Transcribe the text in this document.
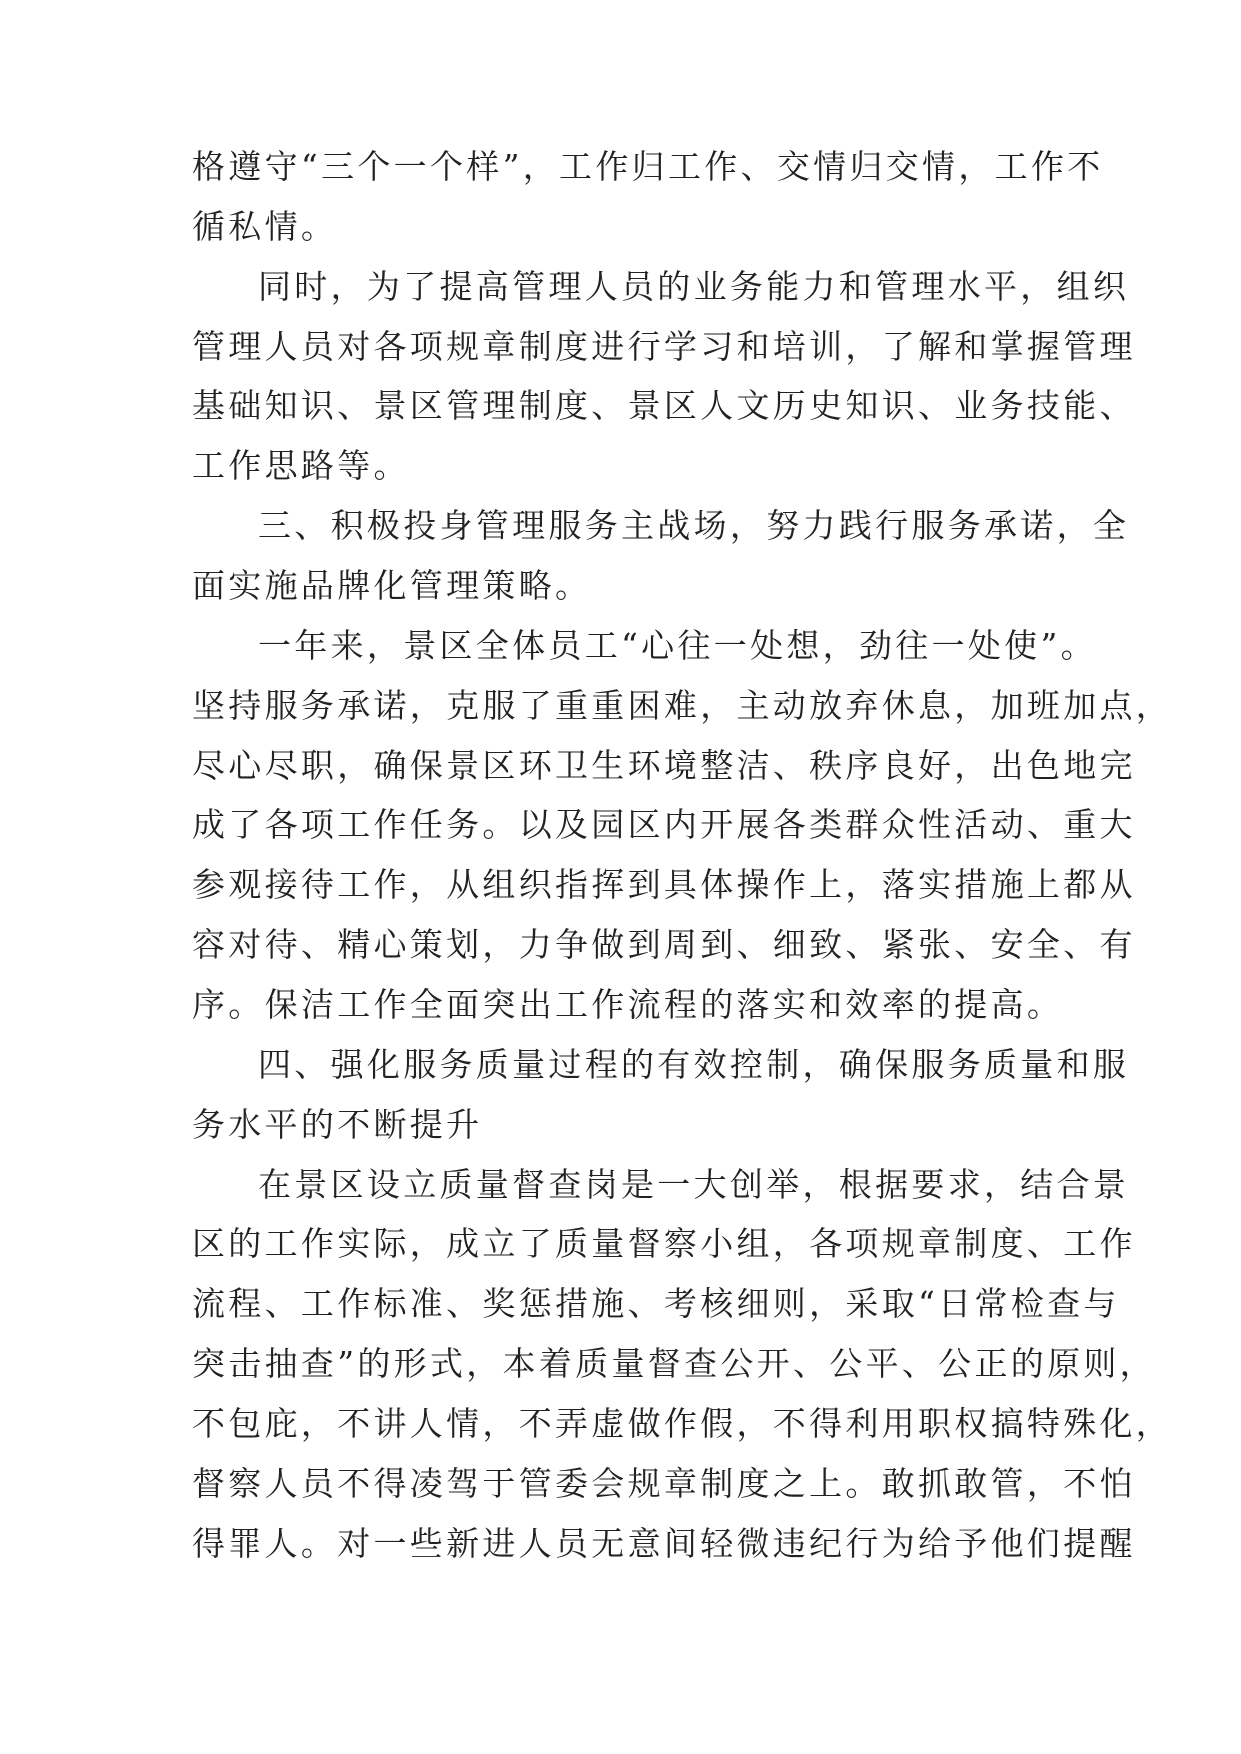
格遵守“三个一个样”，工作归工作、交情归交情，工作不
循私情。
同时，为了提高管理人员的业务能力和管理水平，组织
管理人员对各项规章制度进行学习和培训，了解和掌握管理
基础知识、景区管理制度、景区人文历史知识、业务技能、
工作思路等。
三、积极投身管理服务主战场，努力践行服务承诺，全
面实施品牌化管理策略。
一年来，景区全体员工“心往一处想，劲往一处使”。
坚持服务承诺，克服了重重困难，主动放弃休息，加班加点，
尽心尽职，确保景区环卫生环境整洁、秩序良好，出色地完
成了各项工作任务。以及园区内开展各类群众性活动、重大
参观接待工作，从组织指挥到具体操作上，落实措施上都从
容对待、精心策划，力争做到周到、细致、紧张、安全、有
序。保洁工作全面突出工作流程的落实和效率的提高。
四、强化服务质量过程的有效控制，确保服务质量和服
务水平的不断提升
在景区设立质量督查岗是一大创举，根据要求，结合景
区的工作实际，成立了质量督察小组，各项规章制度、工作
流程、工作标准、奖惩措施、考核细则，采取“日常检查与
突击抽查”的形式，本着质量督查公开、公平、公正的原则，
不包庇，不讲人情，不弄虚做作假，不得利用职权搞特殊化，
督察人员不得凌驾于管委会规章制度之上。敢抓敢管，不怕
得罪人。对一些新进人员无意间轻微违纪行为给予他们提醒
